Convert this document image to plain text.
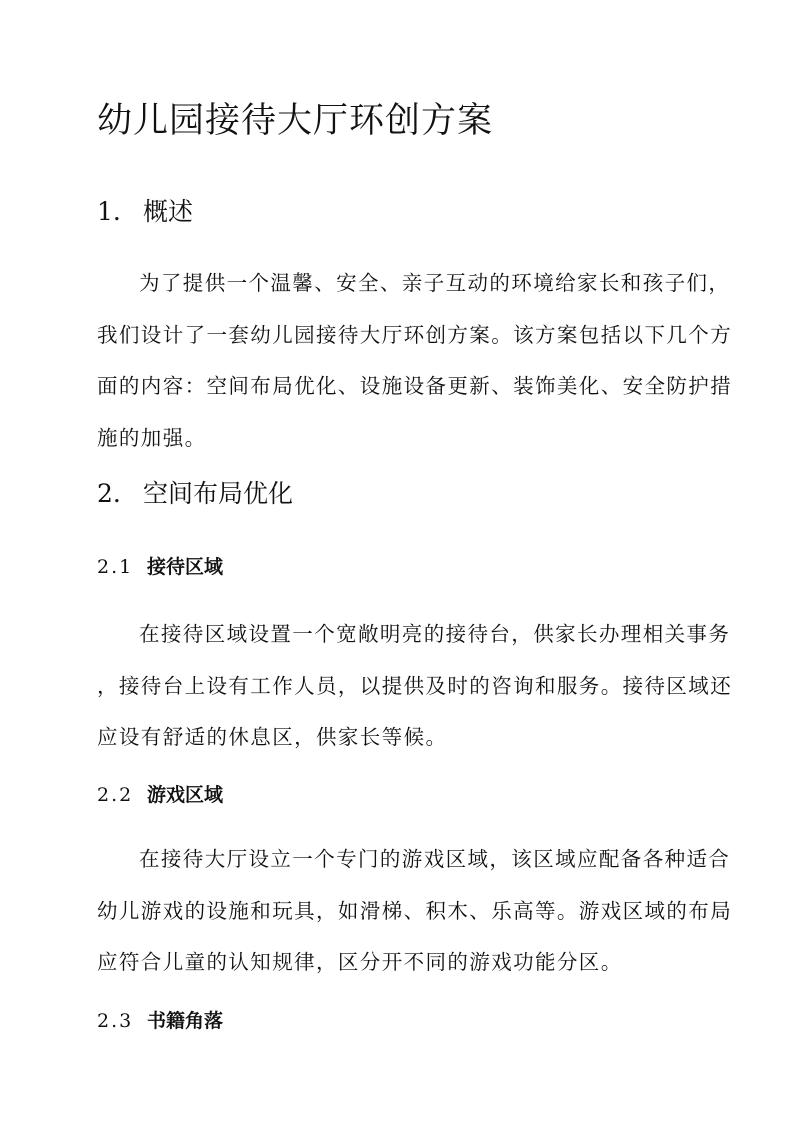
幼儿园接待大厅环创方案
1. 概述
为了提供一个温馨、安全、亲子互动的环境给家长和孩子们，
我们设计了一套幼儿园接待大厅环创方案。该方案包括以下几个方
面的内容：空间布局优化、设施设备更新、装饰美化、安全防护措
施的加强。
2. 空间布局优化
2.1 接待区域
在接待区域设置一个宽敞明亮的接待台，供家长办理相关事务
，接待台上设有工作人员，以提供及时的咨询和服务。接待区域还
应设有舒适的休息区，供家长等候。
2.2 游戏区域
在接待大厅设立一个专门的游戏区域，该区域应配备各种适合
幼儿游戏的设施和玩具，如滑梯、积木、乐高等。游戏区域的布局
应符合儿童的认知规律，区分开不同的游戏功能分区。
2.3 书籍角落
